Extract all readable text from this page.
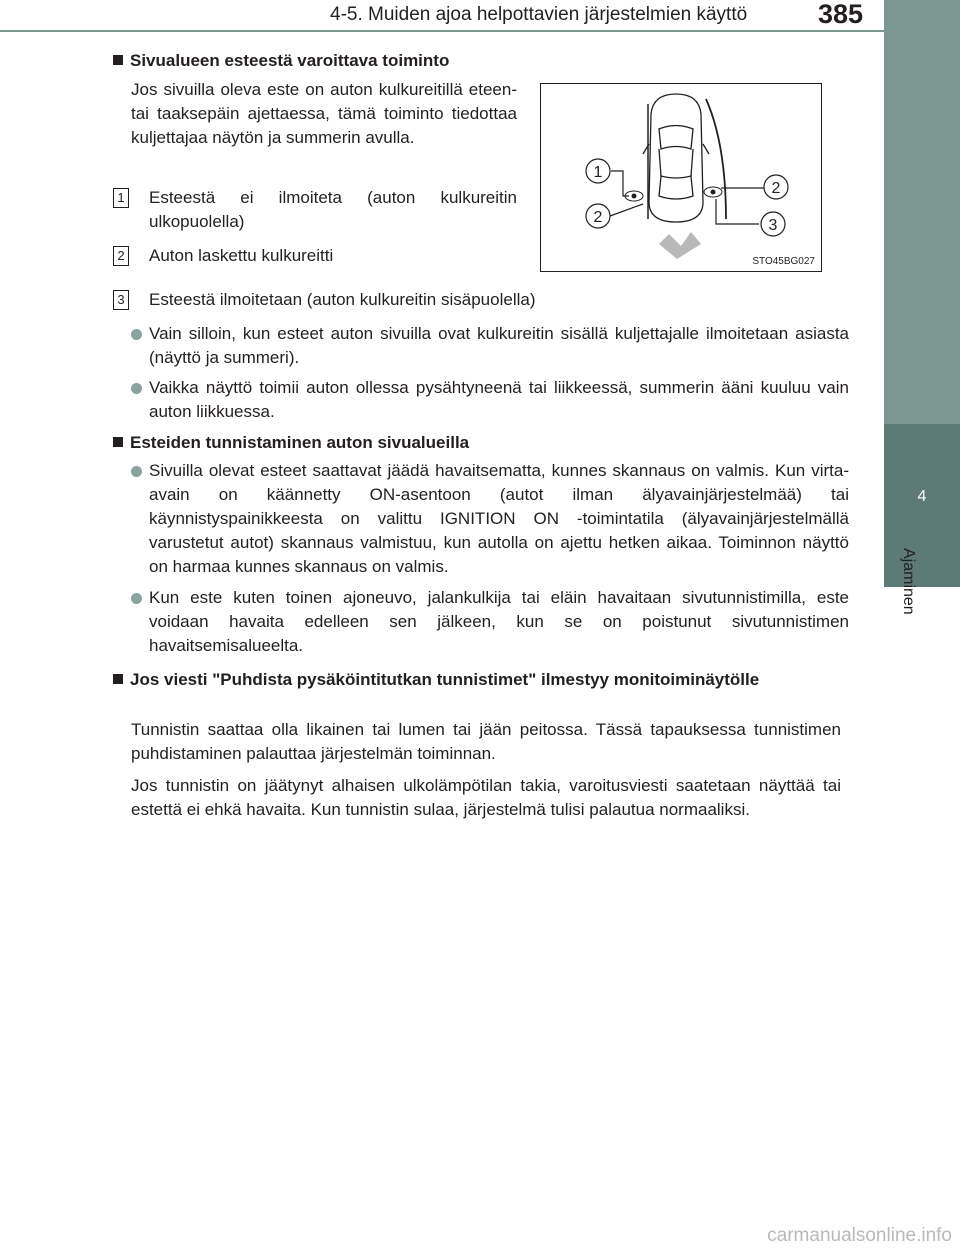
4-5. Muiden ajoa helpottavien järjestelmien käyttö	385
4
Ajaminen
Sivualueen esteestä varoittava toiminto
Jos sivuilla oleva este on auton kulkureitillä eteen- tai taaksepäin ajettaessa, tämä toiminto tiedottaa kuljettajaa näytön ja summerin avulla.
1 Esteestä ei ilmoiteta (auton kulkureitin ulkopuolella)
2 Auton laskettu kulkureitti
3 Esteestä ilmoitetaan (auton kulkureitin sisäpuolella)
1
2
2
3
STO45BG027
Vain silloin, kun esteet auton sivuilla ovat kulkureitin sisällä kuljettajalle ilmoitetaan asiasta (näyttö ja summeri).
Vaikka näyttö toimii auton ollessa pysähtyneenä tai liikkeessä, summerin ääni kuuluu vain auton liikkuessa.
Esteiden tunnistaminen auton sivualueilla
Sivuilla olevat esteet saattavat jäädä havaitsematta, kunnes skannaus on valmis. Kun virta-avain on käännetty ON-asentoon (autot ilman älyavainjärjestelmää) tai käynnistyspainikkeesta on valittu IGNITION ON -toimintatila (älyavainjärjestelmällä varustetut autot) skannaus valmistuu, kun autolla on ajettu hetken aikaa. Toiminnon näyttö on harmaa kunnes skannaus on valmis.
Kun este kuten toinen ajoneuvo, jalankulkija tai eläin havaitaan sivutunnistimilla, este voidaan havaita edelleen sen jälkeen, kun se on poistunut sivutunnistimen havaitsemisalueelta.
Jos viesti "Puhdista pysäköintitutkan tunnistimet" ilmestyy monitoiminäytölle
Tunnistin saattaa olla likainen tai lumen tai jään peitossa. Tässä tapauksessa tunnistimen puhdistaminen palauttaa järjestelmän toiminnan.
Jos tunnistin on jäätynyt alhaisen ulkolämpötilan takia, varoitusviesti saatetaan näyttää tai estettä ei ehkä havaita. Kun tunnistin sulaa, järjestelmä tulisi palautua normaaliksi.
carmanualsonline.info
